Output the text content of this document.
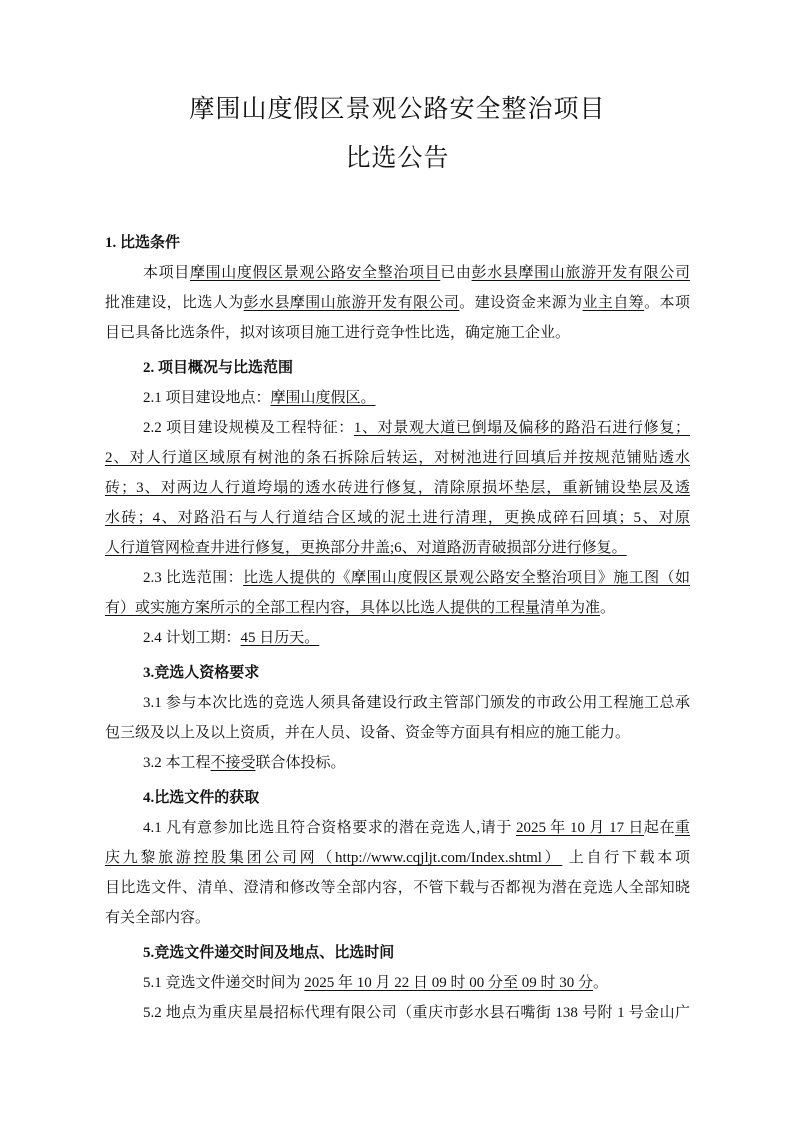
摩围山度假区景观公路安全整治项目
比选公告
1. 比选条件
本项目摩围山度假区景观公路安全整治项目已由彭水县摩围山旅游开发有限公司
批准建设，比选人为彭水县摩围山旅游开发有限公司。建设资金来源为业主自筹。本项
目已具备比选条件，拟对该项目施工进行竞争性比选，确定施工企业。
2. 项目概况与比选范围
2.1 项目建设地点：摩围山度假区。
2.2 项目建设规模及工程特征：1、对景观大道已倒塌及偏移的路沿石进行修复；
2、对人行道区域原有树池的条石拆除后转运，对树池进行回填后并按规范铺贴透水
砖；3、对两边人行道垮塌的透水砖进行修复，清除原损坏垫层，重新铺设垫层及透
水砖；4、对路沿石与人行道结合区域的泥土进行清理，更换成碎石回填；5、对原
人行道管网检查井进行修复，更换部分井盖;6、对道路沥青破损部分进行修复。
2.3 比选范围：比选人提供的《摩围山度假区景观公路安全整治项目》施工图（如
有）或实施方案所示的全部工程内容，具体以比选人提供的工程量清单为准。
2.4 计划工期：45 日历天。
3.竞选人资格要求
3.1 参与本次比选的竞选人须具备建设行政主管部门颁发的市政公用工程施工总承
包三级及以上及以上资质，并在人员、设备、资金等方面具有相应的施工能力。
3.2 本工程不接受联合体投标。
4.比选文件的获取
4.1 凡有意参加比选且符合资格要求的潜在竞选人,请于 2025 年 10 月 17 日起在重
庆九黎旅游控股集团公司网（http://www.cqjljt.com/Index.shtml） 上自行下载本项
目比选文件、清单、澄清和修改等全部内容，不管下载与否都视为潜在竞选人全部知晓
有关全部内容。
5.竞选文件递交时间及地点、比选时间
5.1 竞选文件递交时间为 2025 年 10 月 22 日 09 时 00 分至 09 时 30 分。
5.2 地点为重庆星晨招标代理有限公司（重庆市彭水县石嘴街 138 号附 1 号金山广
